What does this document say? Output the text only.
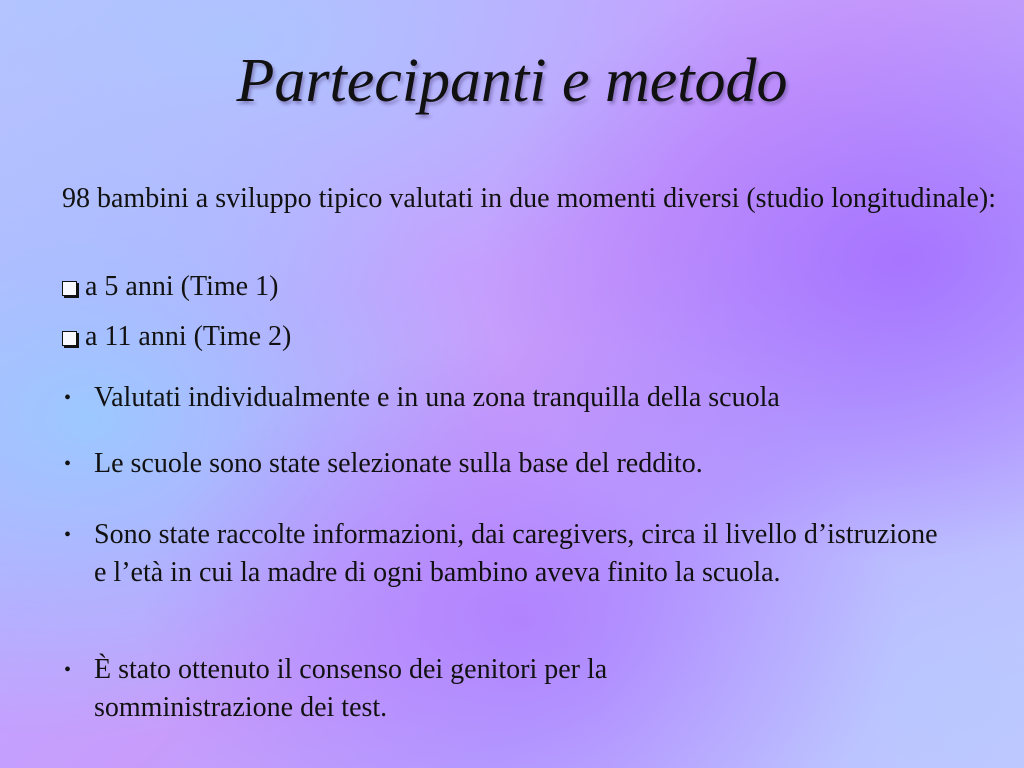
Partecipanti e metodo
98 bambini a sviluppo tipico valutati in due momenti diversi (studio longitudinale):
a 5 anni (Time 1)
a 11 anni (Time 2)
• Valutati individualmente e in una zona tranquilla della scuola
• Le scuole sono state selezionate sulla base del reddito.
• Sono state raccolte informazioni, dai caregivers, circa il livello d’istruzione e l’età in cui la madre di ogni bambino aveva finito la scuola.
• È stato ottenuto il consenso dei genitori per la somministrazione dei test.
